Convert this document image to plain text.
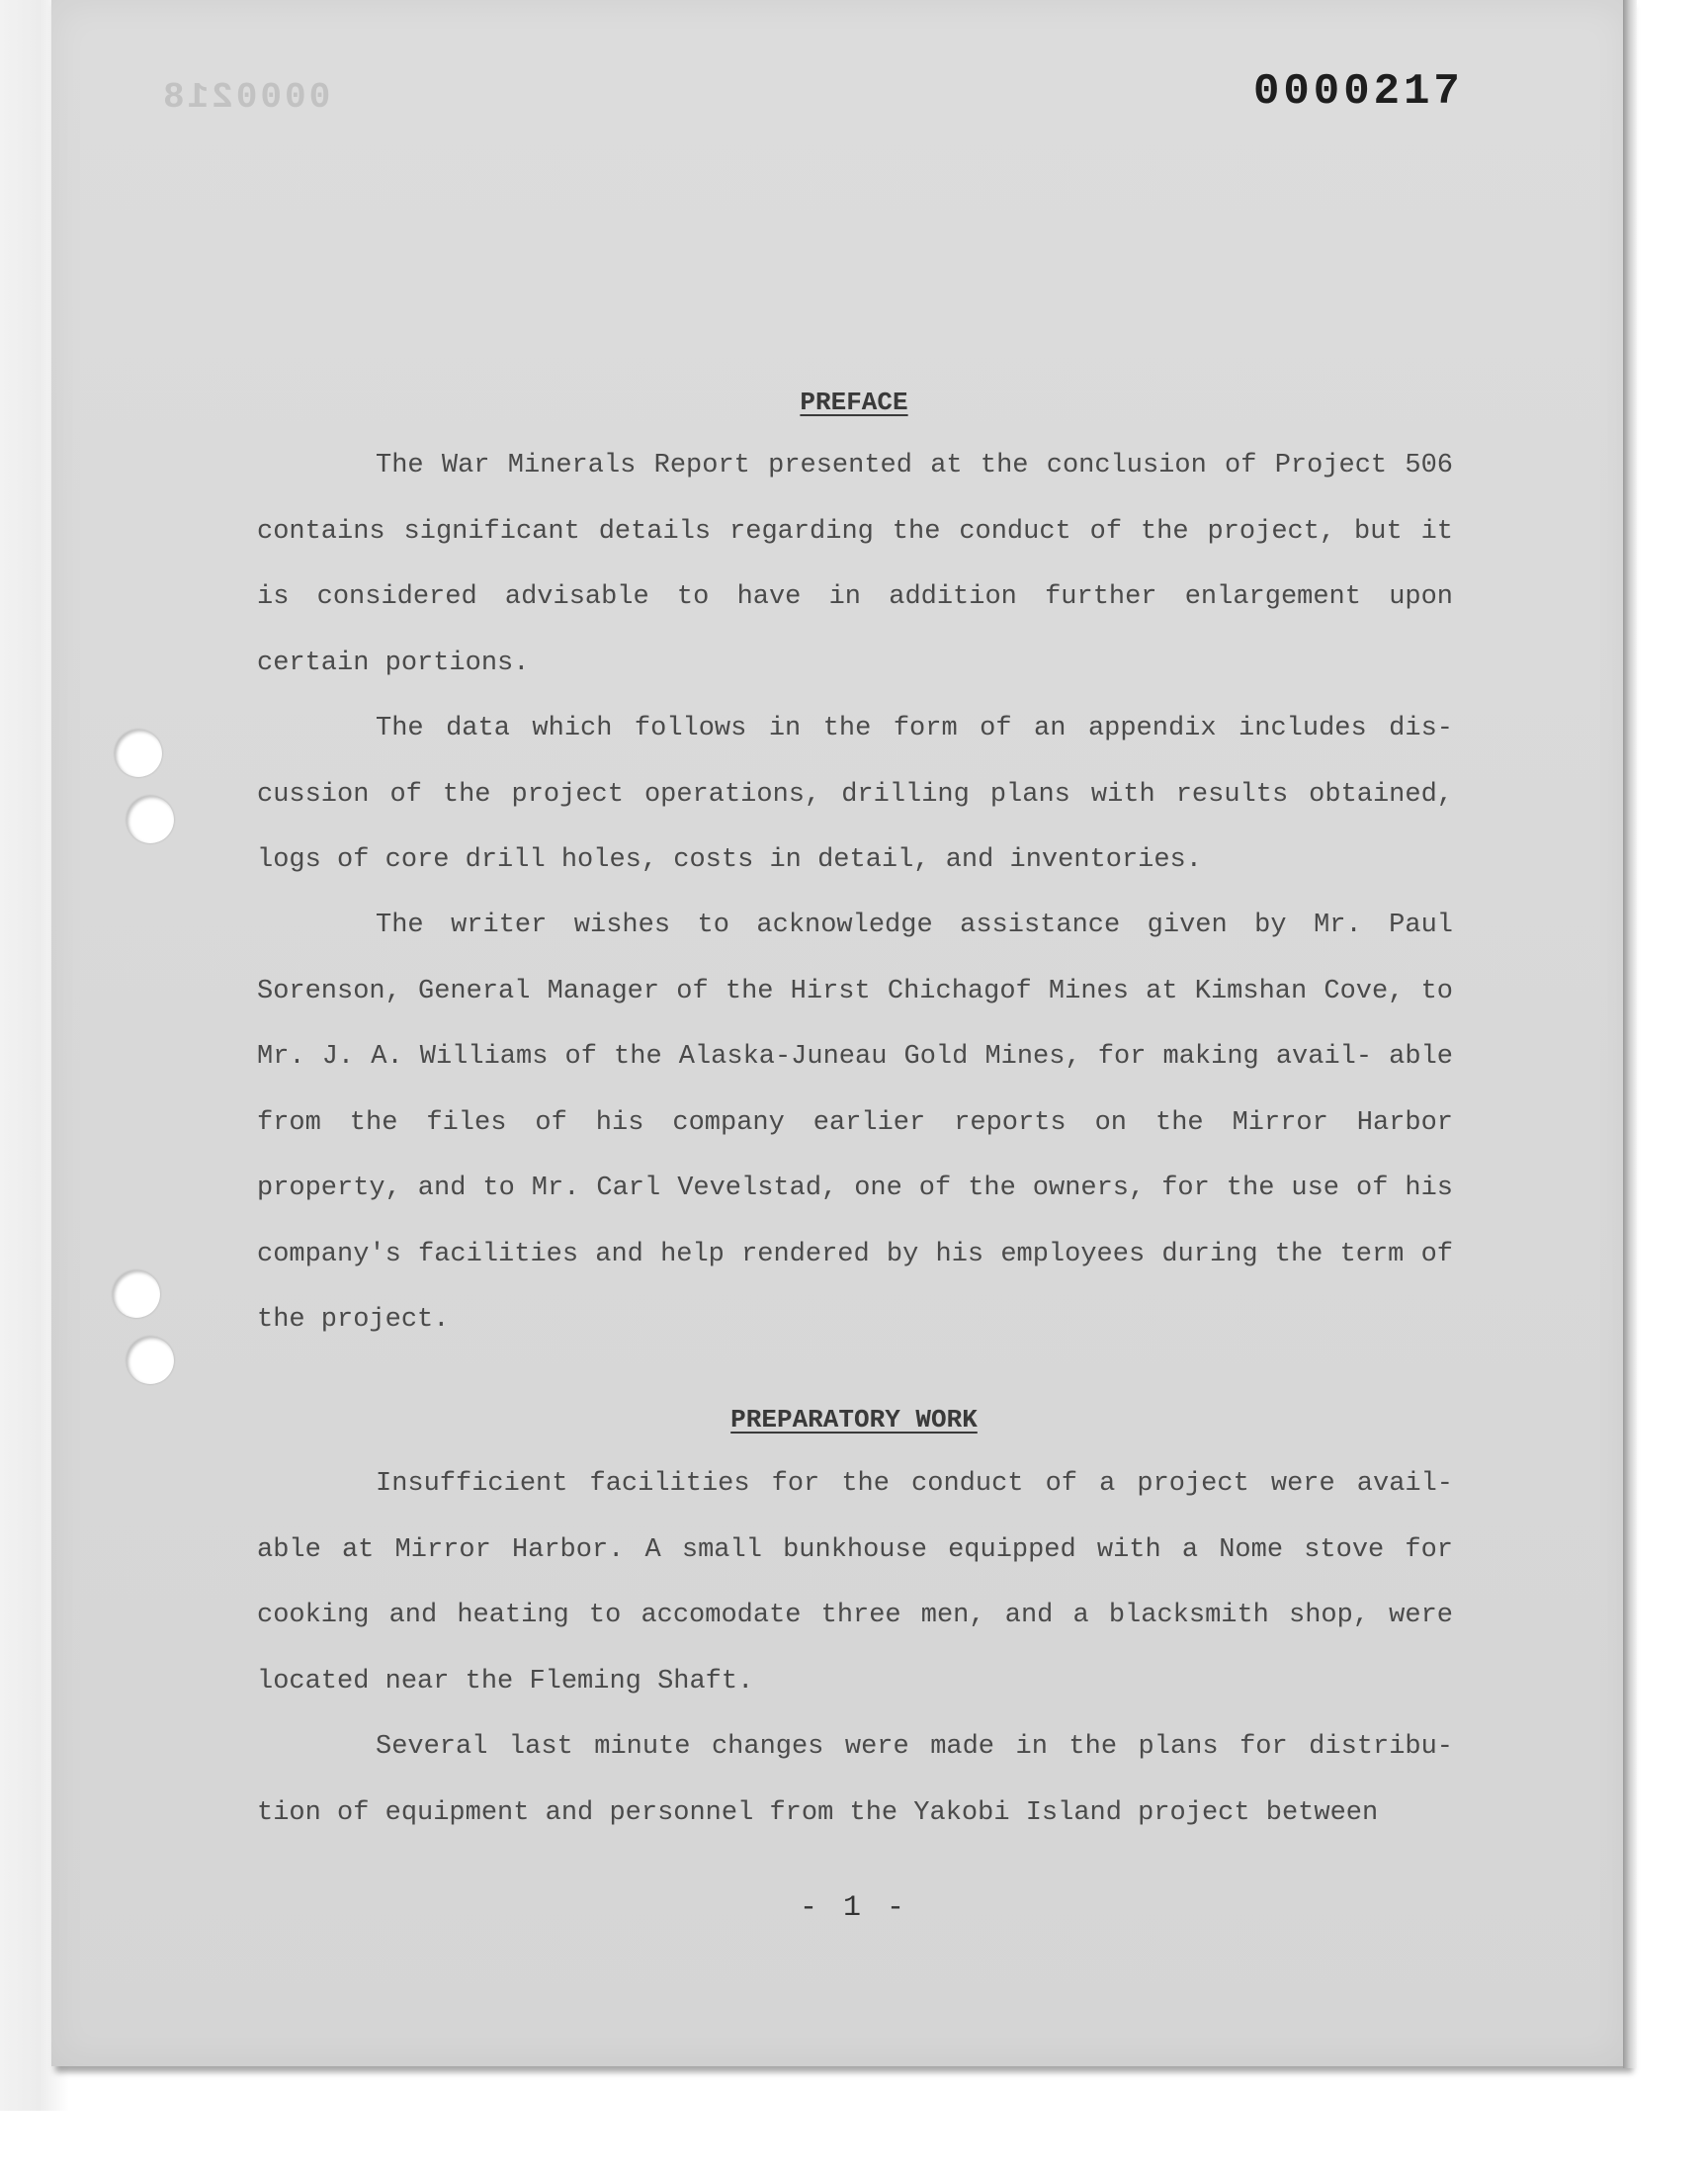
0000218	0000217
PREFACE

The War Minerals Report presented at the conclusion of Project 506 contains significant details regarding the conduct of the project, but it is considered advisable to have in addition further enlargement upon certain portions.

The data which follows in the form of an appendix includes dis- cussion of the project operations, drilling plans with results obtained, logs of core drill holes, costs in detail, and inventories.

The writer wishes to acknowledge assistance given by Mr. Paul Sorenson, General Manager of the Hirst Chichagof Mines at Kimshan Cove, to Mr. J. A. Williams of the Alaska-Juneau Gold Mines, for making avail- able from the files of his company earlier reports on the Mirror Harbor property, and to Mr. Carl Vevelstad, one of the owners, for the use of his company's facilities and help rendered by his employees during the term of the project.

PREPARATORY WORK

Insufficient facilities for the conduct of a project were avail- able at Mirror Harbor. A small bunkhouse equipped with a Nome stove for cooking and heating to accomodate three men, and a blacksmith shop, were located near the Fleming Shaft.

Several last minute changes were made in the plans for distribu- tion of equipment and personnel from the Yakobi Island project between

- 1 -
